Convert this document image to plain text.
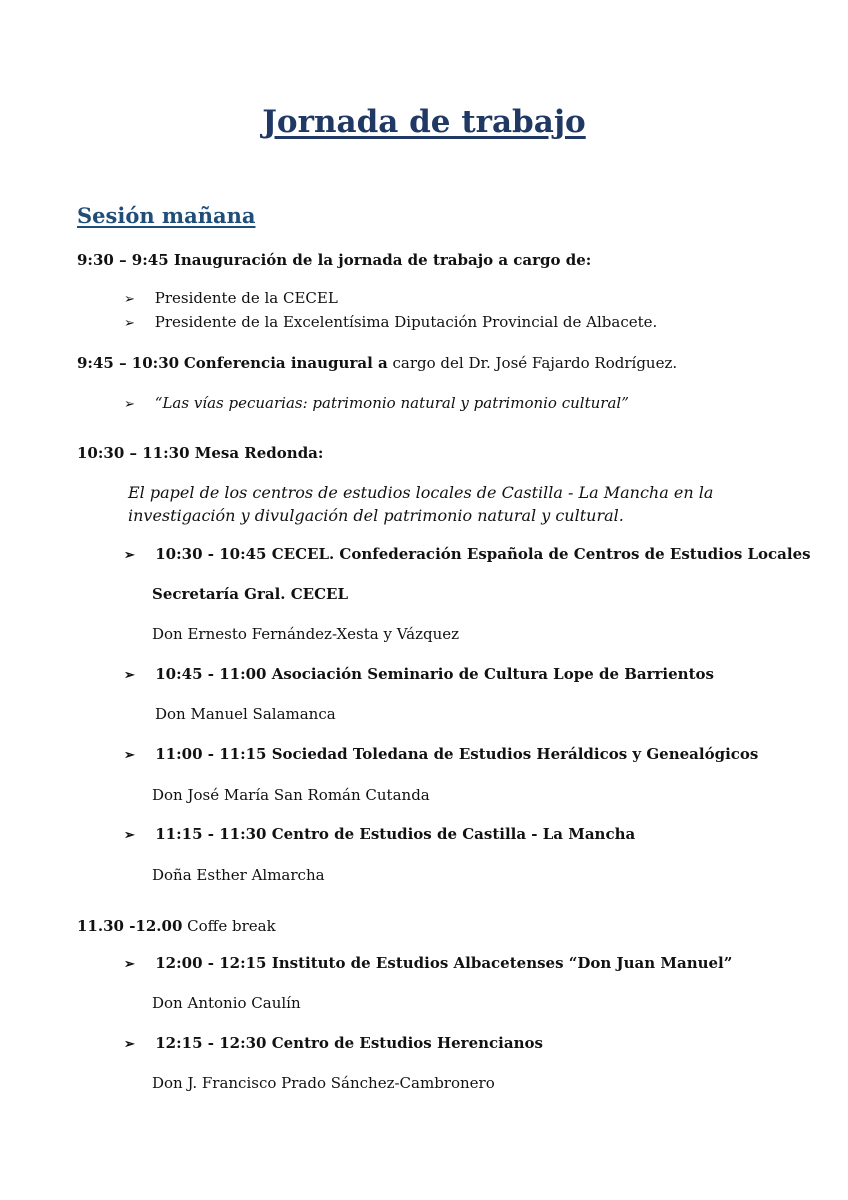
Jornada de trabajo
Sesión mañana
9:30 – 9:45 Inauguración de la jornada de trabajo a cargo de:
➢ Presidente de la CECEL
➢ Presidente de la Excelentísima Diputación Provincial de Albacete.
9:45 – 10:30 Conferencia inaugural a cargo del Dr. José Fajardo Rodríguez.
➢ “Las vías pecuarias: patrimonio natural y patrimonio cultural”
10:30 – 11:30 Mesa Redonda:
El papel de los centros de estudios locales de Castilla - La Mancha en la investigación y divulgación del patrimonio natural y cultural.
➢ 10:30 - 10:45 CECEL. Confederación Española de Centros de Estudios Locales
Secretaría Gral. CECEL
Don Ernesto Fernández-Xesta y Vázquez
➢ 10:45 - 11:00 Asociación Seminario de Cultura Lope de Barrientos
Don Manuel Salamanca
➢ 11:00 - 11:15 Sociedad Toledana de Estudios Heráldicos y Genealógicos
Don José María San Román Cutanda
➢ 11:15 - 11:30 Centro de Estudios de Castilla - La Mancha
Doña Esther Almarcha
11.30 -12.00 Coffe break
➢ 12:00 - 12:15 Instituto de Estudios Albacetenses “Don Juan Manuel”
Don Antonio Caulín
➢ 12:15 - 12:30 Centro de Estudios Herencianos
Don J. Francisco Prado Sánchez-Cambronero
